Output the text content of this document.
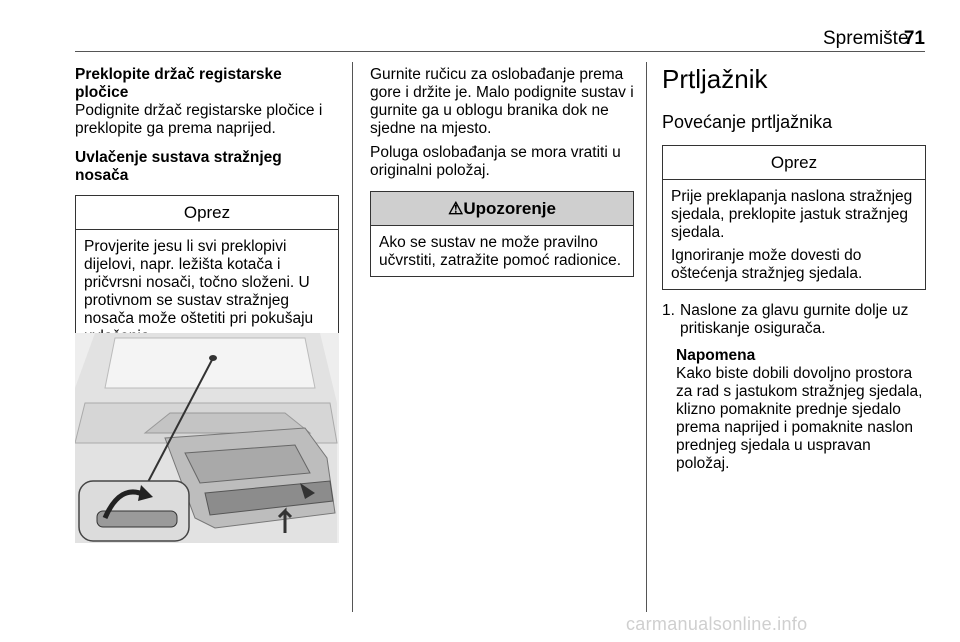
Spremište
71

Preklopite držač registarske pločice

Podignite držač registarske pločice i preklopite ga prema naprijed.

Uvlačenje sustava stražnjeg nosača

Oprez
Provjerite jesu li svi preklopivi dijelovi, napr. ležišta kotača i pričvrsni nosači, točno složeni. U protivnom se sustav stražnjeg nosača može oštetiti pri pokušaju

Gurnite ručicu za oslobađanje prema gore i držite je. Malo podignite sustav i gurnite ga u oblogu branika dok ne sjedne na mjesto.

Poluga oslobađanja se mora vratiti u originalni položaj.

⚠Upozorenje
Ako se sustav ne može pravilno učvrstiti, zatražite pomoć radionice.

Prtljažnik

Povećanje prtljažnika

Oprez

Prije preklapanja naslona stražnjeg sjedala, preklopite jastuk stražnjeg sjedala.

Ignoriranje može dovesti do oštećenja stražnjeg sjedala.

1. Naslone za glavu gurnite dolje uz pritiskanje osigurača.

Napomena

Kako biste dobili dovoljno prostora za rad s jastukom stražnjeg sjedala, klizno pomaknite prednje sjedalo prema naprijed i pomaknite naslon prednjeg sjedala u uspravan položaj.

carmanualsonline.info
